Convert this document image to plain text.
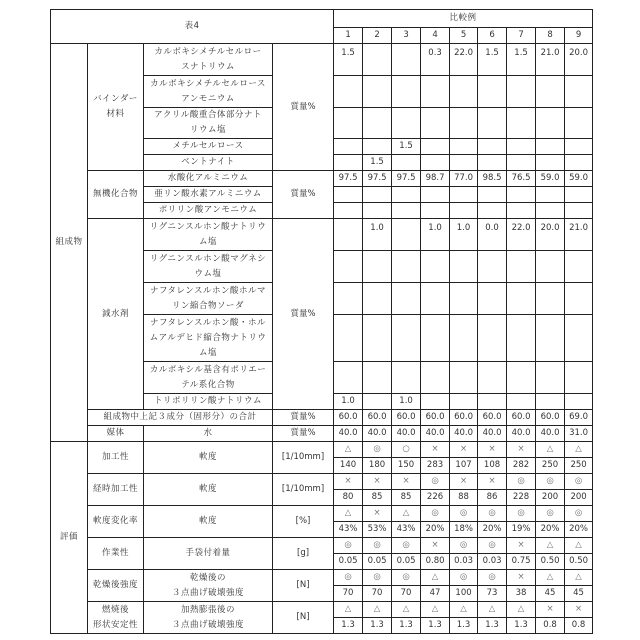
表4	比較例
1	2	3	4	5	6	7	8	9
組成物	バインダー
材料	カルボキシメチルセルロー
スナトリウム	質量%	1.5			0.3	22.0	1.5	1.5	21.0	20.0
カルボキシメチルセルロース
アンモニウム									
アクリル酸重合体部分ナト
リウム塩									
メチルセルロース			1.5						
ベントナイト		1.5							
無機化合物	水酸化アルミニウム	質量%	97.5	97.5	97.5	98.7	77.0	98.5	76.5	59.0	59.0
亜リン酸水素アルミニウム									
ポリリン酸アンモニウム									
減水剤	リグニンスルホン酸ナトリウ
ム塩	質量%		1.0		1.0	1.0	0.0	22.0	20.0	21.0
リグニンスルホン酸マグネシ
ウム塩									
ナフタレンスルホン酸ホルマ
リン縮合物ソーダ									
ナフタレンスルホン酸・ホル
ムアルデヒド縮合物ナトリウ
ム塩									
カルボキシル基含有ポリエー
テル系化合物									
トリポリリン酸ナトリウム	1.0		1.0						
組成物中上記３成分（固形分）の合計	質量%	60.0	60.0	60.0	60.0	60.0	60.0	60.0	60.0	69.0
媒体	水	質量%	40.0	40.0	40.0	40.0	40.0	40.0	40.0	40.0	31.0
評価	加工性	軟度	[1/10mm]	△	◎	○	×	×	×	×	△	△
140	180	150	283	107	108	282	250	250
経時加工性	軟度	[1/10mm]	×	×	×	◎	×	×	◎	◎	◎
80	85	85	226	88	86	228	200	200
軟度変化率	軟度	[%]	△	×	△	◎	◎	◎	◎	◎	◎
43%	53%	43%	20%	18%	20%	19%	20%	20%
作業性	手袋付着量	[g]	◎	◎	◎	×	◎	◎	×	△	△
0.05	0.05	0.05	0.80	0.03	0.03	0.75	0.50	0.50
乾燥後強度	乾燥後の
３点曲げ破壊強度	[N]	◎	◎	◎	△	◎	◎	×	△	△
70	70	70	47	100	73	38	45	45
燃焼後
形状安定性	加熱膨張後の
３点曲げ破壊強度	[N]	△	△	△	△	△	△	△	×	×
1.3	1.3	1.3	1.3	1.3	1.3	1.3	0.8	0.8
